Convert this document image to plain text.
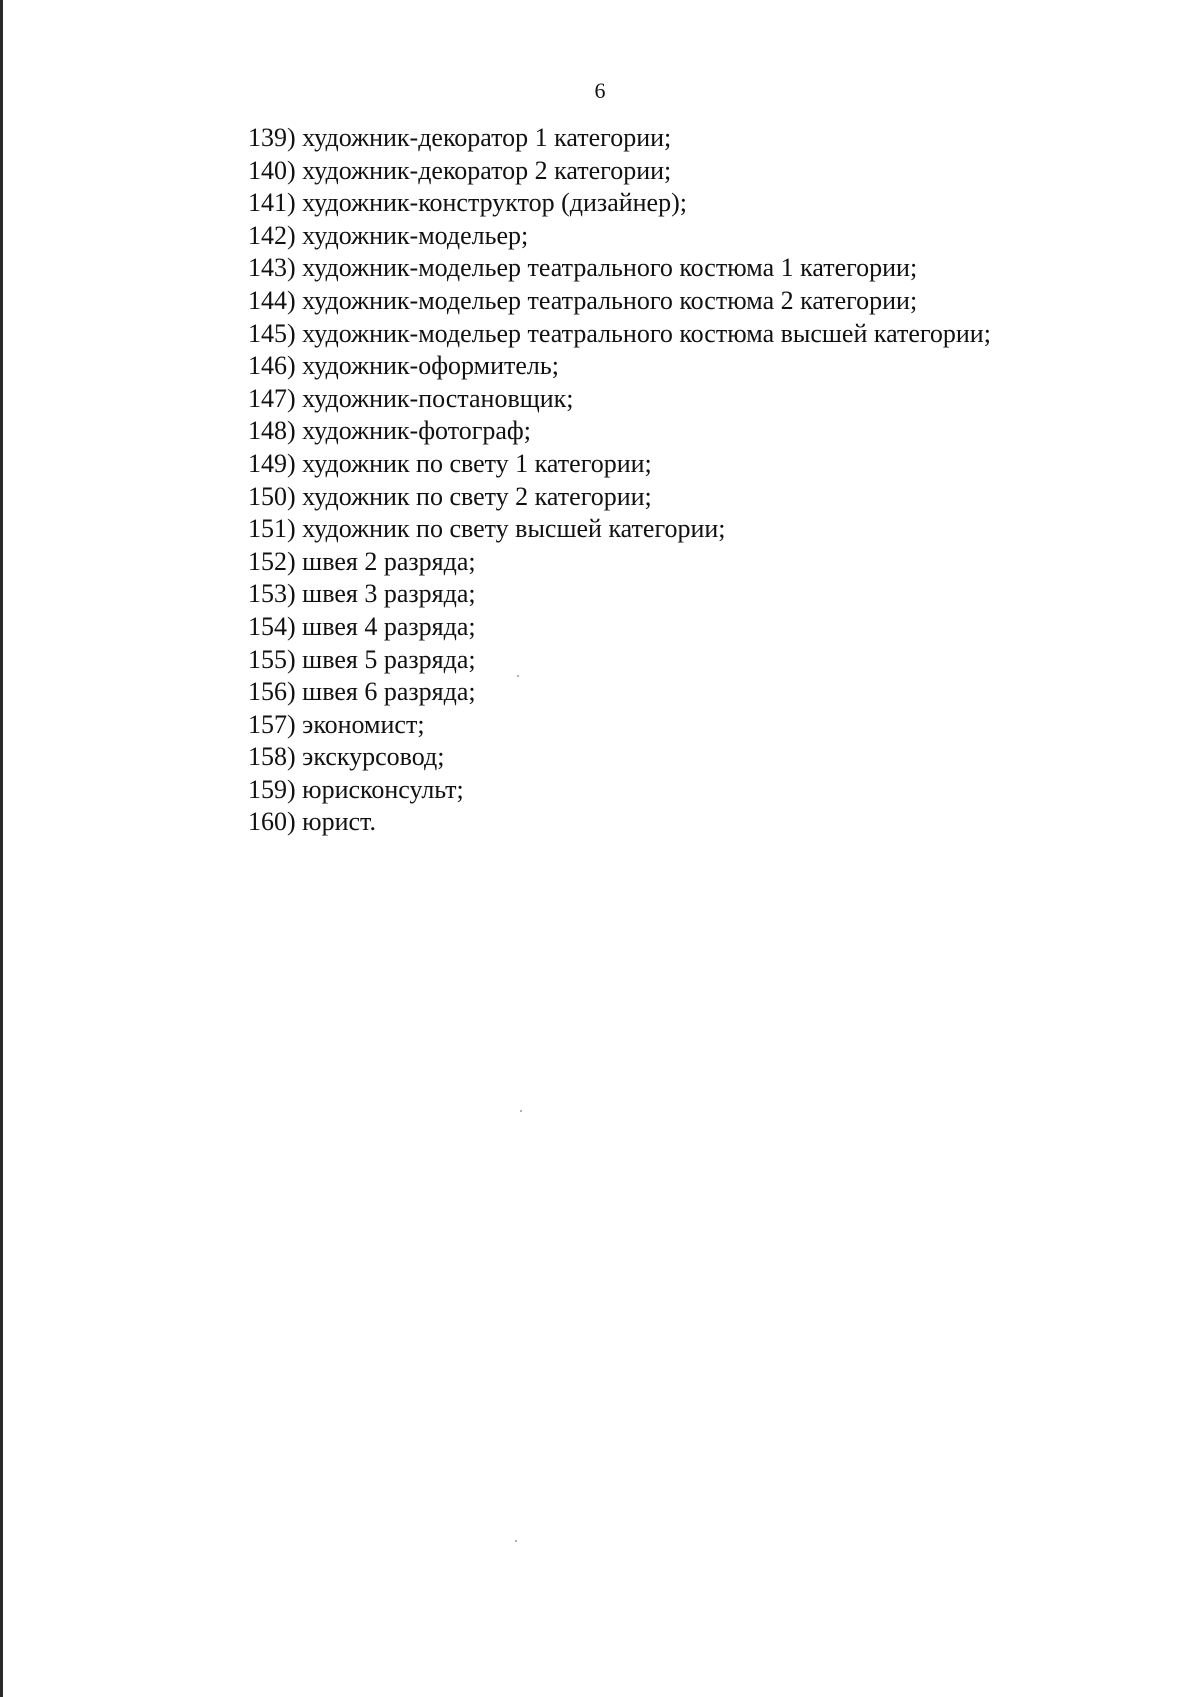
6
139) художник-декоратор 1 категории;
140) художник-декоратор 2 категории;
141) художник-конструктор (дизайнер);
142) художник-модельер;
143) художник-модельер театрального костюма 1 категории;
144) художник-модельер театрального костюма 2 категории;
145) художник-модельер театрального костюма высшей категории;
146) художник-оформитель;
147) художник-постановщик;
148) художник-фотограф;
149) художник по свету 1 категории;
150) художник по свету 2 категории;
151) художник по свету высшей категории;
152) швея 2 разряда;
153) швея 3 разряда;
154) швея 4 разряда;
155) швея 5 разряда;
156) швея 6 разряда;
157) экономист;
158) экскурсовод;
159) юрисконсульт;
160) юрист.
